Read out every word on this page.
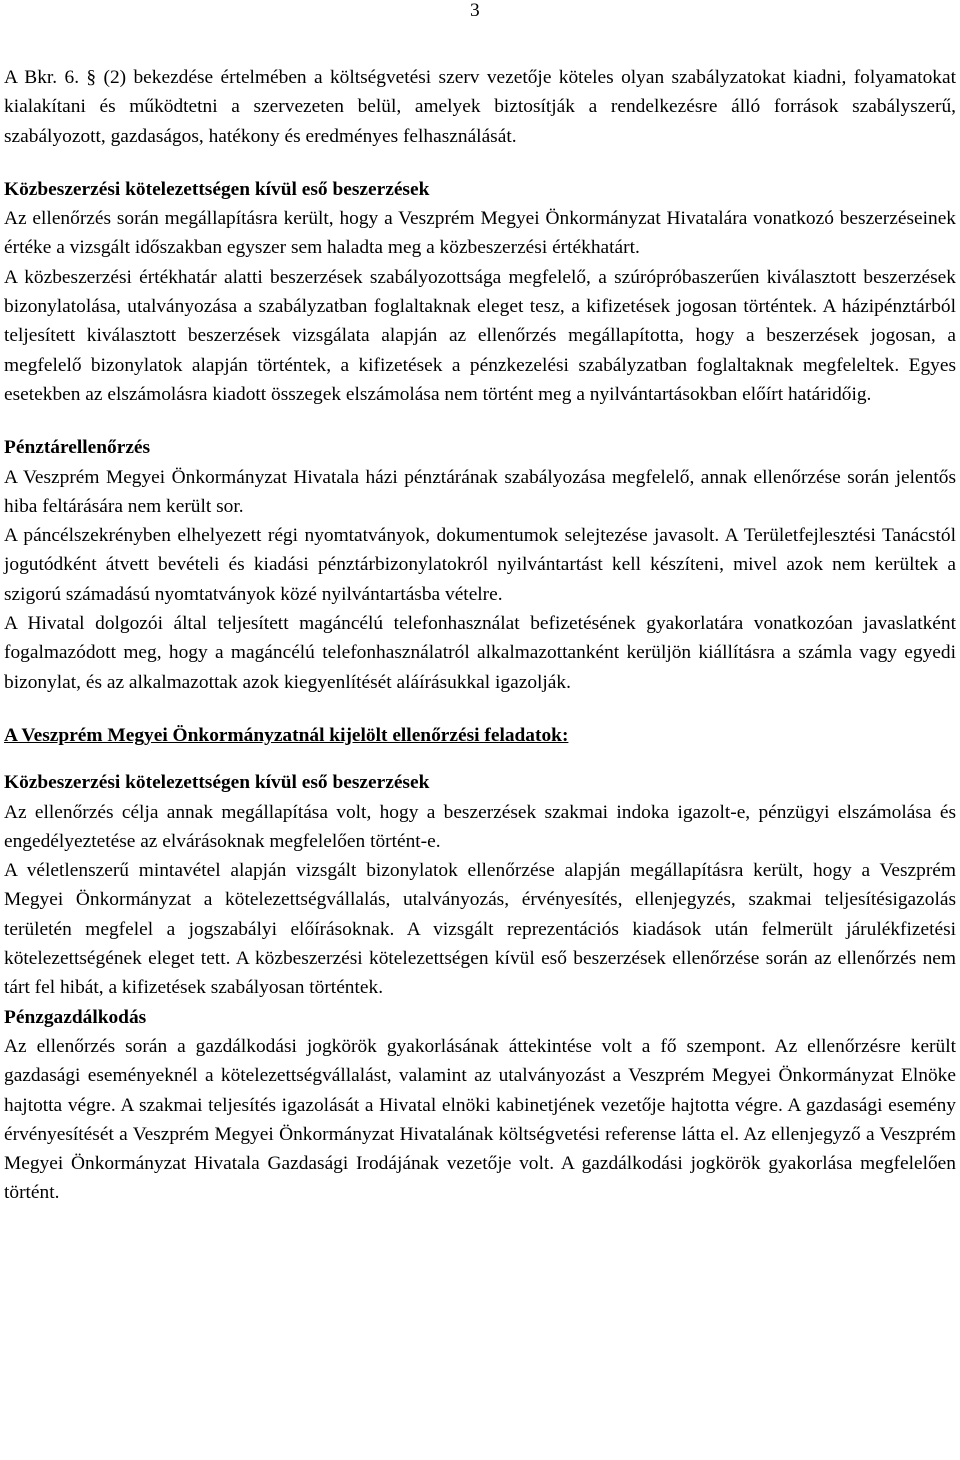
3

A Bkr. 6. § (2) bekezdése értelmében a költségvetési szerv vezetője köteles olyan szabályzatokat kiadni, folyamatokat kialakítani és működtetni a szervezeten belül, amelyek biztosítják a rendelkezésre álló források szabályszerű, szabályozott, gazdaságos, hatékony és eredményes felhasználását.

Közbeszerzési kötelezettségen kívül eső beszerzések

Az ellenőrzés során megállapításra került, hogy a Veszprém Megyei Önkormányzat Hivatalára vonatkozó beszerzéseinek értéke a vizsgált időszakban egyszer sem haladta meg a közbeszerzési értékhatárt.

A közbeszerzési értékhatár alatti beszerzések szabályozottsága megfelelő, a szúrópróbaszerűen kiválasztott beszerzések bizonylatolása, utalványozása a szabályzatban foglaltaknak eleget tesz, a kifizetések jogosan történtek. A házipénztárból teljesített kiválasztott beszerzések vizsgálata alapján az ellenőrzés megállapította, hogy a beszerzések jogosan, a megfelelő bizonylatok alapján történtek, a kifizetések a pénzkezelési szabályzatban foglaltaknak megfeleltek. Egyes esetekben az elszámolásra kiadott összegek elszámolása nem történt meg a nyilvántartásokban előírt határidőig.

Pénztárellenőrzés

A Veszprém Megyei Önkormányzat Hivatala házi pénztárának szabályozása megfelelő, annak ellenőrzése során jelentős hiba feltárására nem került sor.

A páncélszekrényben elhelyezett régi nyomtatványok, dokumentumok selejtezése javasolt. A Területfejlesztési Tanácstól jogutódként átvett bevételi és kiadási pénztárbizonylatokról nyilvántartást kell készíteni, mivel azok nem kerültek a szigorú számadású nyomtatványok közé nyilvántartásba vételre.

A Hivatal dolgozói által teljesített magáncélú telefonhasználat befizetésének gyakorlatára vonatkozóan javaslatként fogalmazódott meg, hogy a magáncélú telefonhasználatról alkalmazottanként kerüljön kiállításra a számla vagy egyedi bizonylat, és az alkalmazottak azok kiegyenlítését aláírásukkal igazolják.

A Veszprém Megyei Önkormányzatnál kijelölt ellenőrzési feladatok:

Közbeszerzési kötelezettségen kívül eső beszerzések

Az ellenőrzés célja annak megállapítása volt, hogy a beszerzések szakmai indoka igazolt-e, pénzügyi elszámolása és engedélyeztetése az elvárásoknak megfelelően történt-e.

A véletlenszerű mintavétel alapján vizsgált bizonylatok ellenőrzése alapján megállapításra került, hogy a Veszprém Megyei Önkormányzat a kötelezettségvállalás, utalványozás, érvényesítés, ellenjegyzés, szakmai teljesítésigazolás területén megfelel a jogszabályi előírásoknak. A vizsgált reprezentációs kiadások után felmerült járulékfizetési kötelezettségének eleget tett. A közbeszerzési kötelezettségen kívül eső beszerzések ellenőrzése során az ellenőrzés nem tárt fel hibát, a kifizetések szabályosan történtek.

Pénzgazdálkodás

Az ellenőrzés során a gazdálkodási jogkörök gyakorlásának áttekintése volt a fő szempont. Az ellenőrzésre került gazdasági eseményeknél a kötelezettségvállalást, valamint az utalványozást a Veszprém Megyei Önkormányzat Elnöke hajtotta végre. A szakmai teljesítés igazolását a Hivatal elnöki kabinetjének vezetője hajtotta végre. A gazdasági esemény érvényesítését a Veszprém Megyei Önkormányzat Hivatalának költségvetési referense látta el. Az ellenjegyző a Veszprém Megyei Önkormányzat Hivatala Gazdasági Irodájának vezetője volt. A gazdálkodási jogkörök gyakorlása megfelelően történt.
